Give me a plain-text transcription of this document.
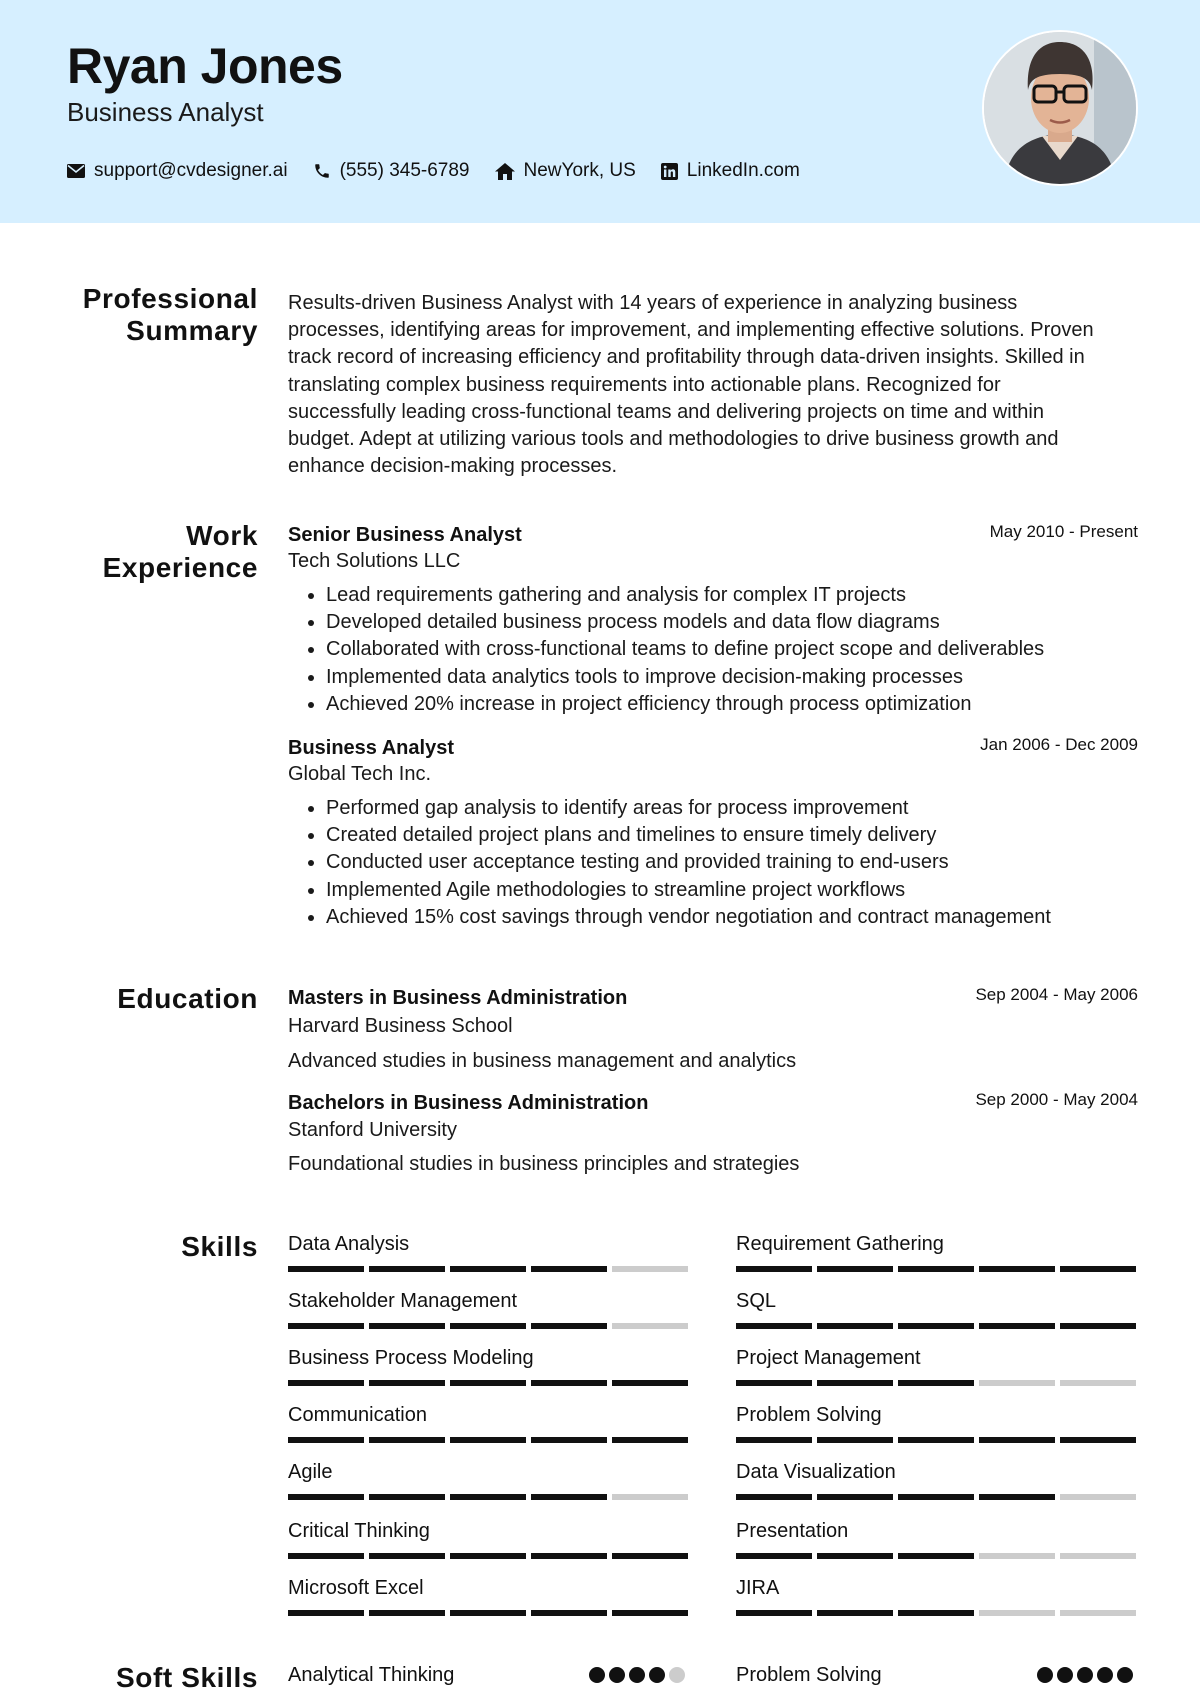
Ryan Jones
Business Analyst
support@cvdesigner.ai	(555) 345-6789	NewYork, US	LinkedIn.com
Professional Summary
Results-driven Business Analyst with 14 years of experience in analyzing business
processes, identifying areas for improvement, and implementing effective solutions. Proven
track record of increasing efficiency and profitability through data-driven insights. Skilled in
translating complex business requirements into actionable plans. Recognized for
successfully leading cross-functional teams and delivering projects on time and within
budget. Adept at utilizing various tools and methodologies to drive business growth and
enhance decision-making processes.
Work Experience
Senior Business Analyst	May 2010 - Present
Tech Solutions LLC
• Lead requirements gathering and analysis for complex IT projects
• Developed detailed business process models and data flow diagrams
• Collaborated with cross-functional teams to define project scope and deliverables
• Implemented data analytics tools to improve decision-making processes
• Achieved 20% increase in project efficiency through process optimization
Business Analyst	Jan 2006 - Dec 2009
Global Tech Inc.
• Performed gap analysis to identify areas for process improvement
• Created detailed project plans and timelines to ensure timely delivery
• Conducted user acceptance testing and provided training to end-users
• Implemented Agile methodologies to streamline project workflows
• Achieved 15% cost savings through vendor negotiation and contract management
Education Masters in Business Administration	Sep 2004 - May 2006
Harvard Business School
Advanced studies in business management and analytics
Bachelors in Business Administration	Sep 2000 - May 2004
Stanford University
Foundational studies in business principles and strategies
Skills Data Analysis	Requirement Gathering
Stakeholder Management	SQL
Business Process Modeling	Project Management
Communication	Problem Solving
Agile	Data Visualization
Critical Thinking	Presentation
Microsoft Excel	JIRA
Soft Skills Analytical Thinking	Problem Solving
